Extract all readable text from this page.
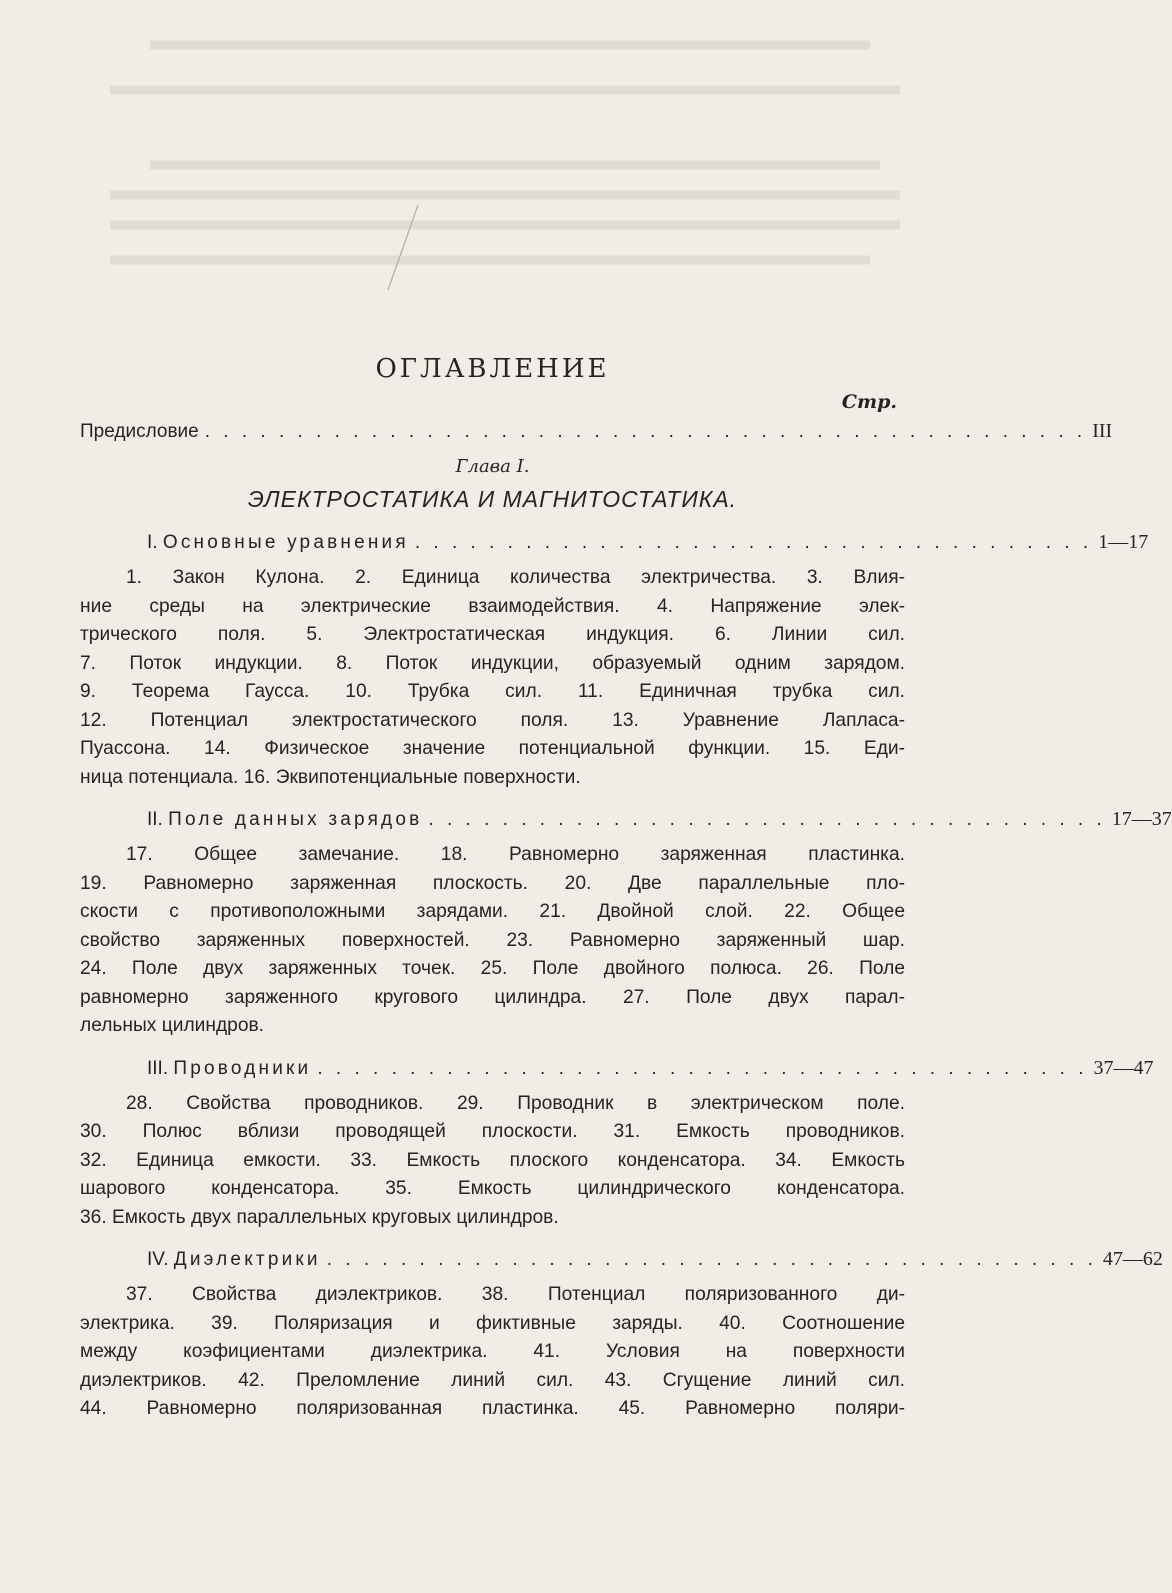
ОГЛАВЛЕНИЕ
Стр.
Предисловие . . . . . . . . . . . . . . . . . . . . . . . . . . . . . . . . . . . . . . . . . . . . . . . . III
Глава I.
ЭЛЕКТРОСТАТИКА И МАГНИТОСТАТИКА.
I.
Основные уравнения . . . . . . . . . . . . . . . . . . . . . . . . . . . . . . . . . . . . . 1—17
1. Закон Кулона. 2. Единица количества электричества. 3. Влия-
ние среды на электрические взаимодействия. 4. Напряжение элек-
трического поля. 5. Электростатическая индукция. 6. Линии сил.
7. Поток индукции. 8. Поток индукции, образуемый одним зарядом.
9. Теорема Гаусса. 10. Трубка сил. 11. Единичная трубка сил.
12. Потенциал электростатического поля. 13. Уравнение Лапласа-
Пуассона. 14. Физическое значение потенциальной функции. 15. Еди-
ница потенциала. 16. Эквипотенциальные поверхности.
II.
Поле данных зарядов . . . . . . . . . . . . . . . . . . . . . . . . . . . . . . . . . . . . . 17—37
17. Общее замечание. 18. Равномерно заряженная пластинка.
19. Равномерно заряженная плоскость. 20. Две параллельные пло-
скости с противоположными зарядами. 21. Двойной слой. 22. Общее
свойство заряженных поверхностей. 23. Равномерно заряженный шар.
24. Поле двух заряженных точек. 25. Поле двойного полюса. 26. Поле
равномерно заряженного кругового цилиндра. 27. Поле двух парал-
лельных цилиндров.
III.
Проводники . . . . . . . . . . . . . . . . . . . . . . . . . . . . . . . . . . . . . . . . . . 37—47
28. Свойства проводников. 29. Проводник в электрическом поле.
30. Полюс вблизи проводящей плоскости. 31. Емкость проводников.
32. Единица емкости. 33. Емкость плоского конденсатора. 34. Емкость
шарового конденсатора. 35. Емкость цилиндрического конденсатора.
36. Емкость двух параллельных круговых цилиндров.
IV.
Диэлектрики . . . . . . . . . . . . . . . . . . . . . . . . . . . . . . . . . . . . . . . . . . 47—62
37. Свойства диэлектриков. 38. Потенциал поляризованного ди-
электрика. 39. Поляризация и фиктивные заряды. 40. Соотношение
между коэфициентами диэлектрика. 41. Условия на поверхности
диэлектриков. 42. Преломление линий сил. 43. Сгущение линий сил.
44. Равномерно поляризованная пластинка. 45. Равномерно поляри-
